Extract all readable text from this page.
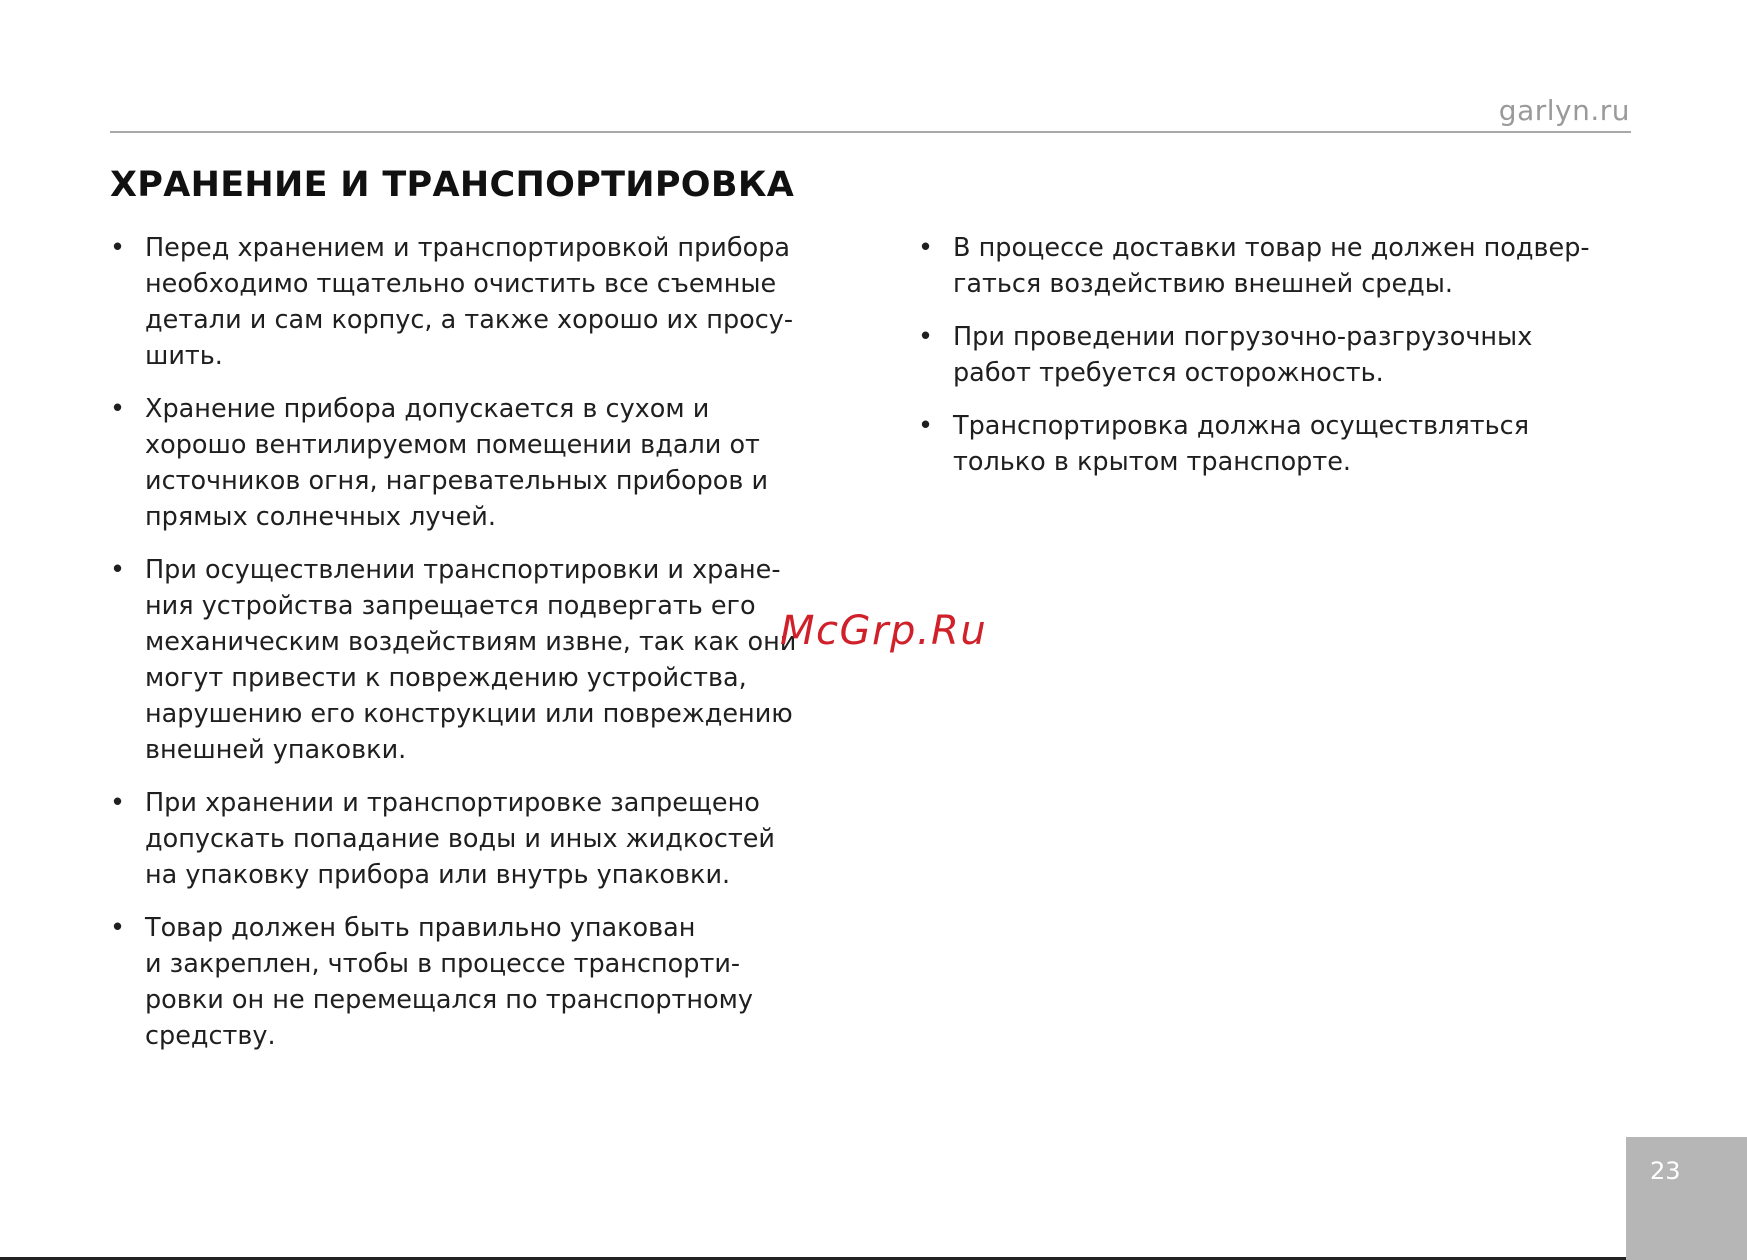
garlyn.ru
ХРАНЕНИЕ И ТРАНСПОРТИРОВКА
• Перед хранением и транспортировкой прибора
необходимо тщательно очистить все съемные
детали и сам корпус, а также хорошо их просу-
шить.
• Хранение прибора допускается в сухом и
хорошо вентилируемом помещении вдали от
источников огня, нагревательных приборов и
прямых солнечных лучей.
• При осуществлении транспортировки и хране-
ния устройства запрещается подвергать его
механическим воздействиям извне, так как они
могут привести к повреждению устройства,
нарушению его конструкции или повреждению
внешней упаковки.
• При хранении и транспортировке запрещено
допускать попадание воды и иных жидкостей
на упаковку прибора или внутрь упаковки.
• Товар должен быть правильно упакован
и закреплен, чтобы в процессе транспорти-
ровки он не перемещался по транспортному
средству.
• В процессе доставки товар не должен подвер-
гаться воздействию внешней среды.
• При проведении погрузочно-разгрузочных
работ требуется осторожность.
• Транспортировка должна осуществляться
только в крытом транспорте.
McGrp.Ru
23
